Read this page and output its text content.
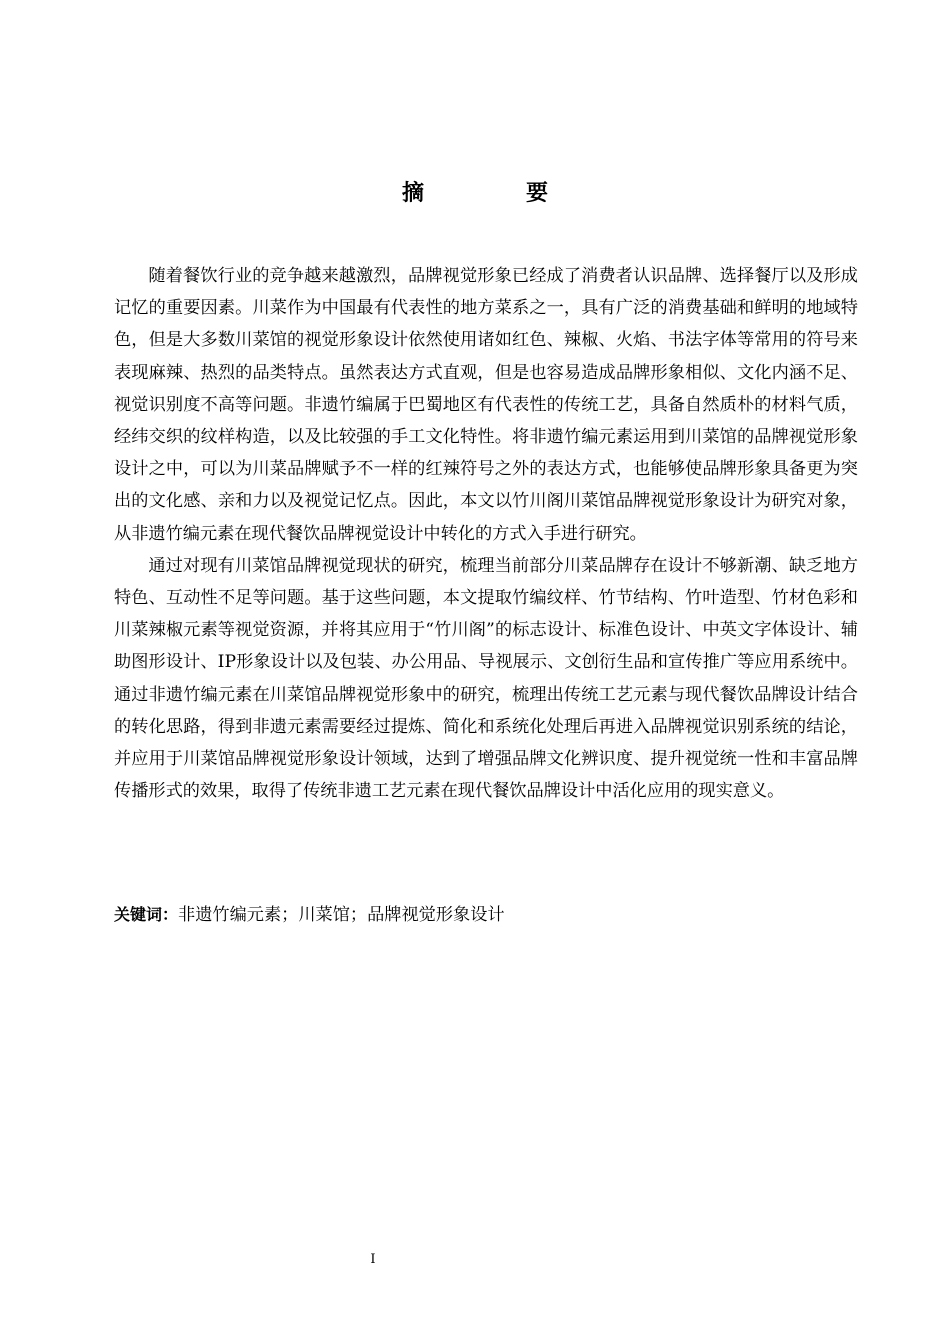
摘　要

随着餐饮行业的竞争越来越激烈，品牌视觉形象已经成了消费者认识品牌、选择餐厅以及形成记忆的重要因素。川菜作为中国最有代表性的地方菜系之一，具有广泛的消费基础和鲜明的地域特色，但是大多数川菜馆的视觉形象设计依然使用诸如红色、辣椒、火焰、书法字体等常用的符号来表现麻辣、热烈的品类特点。虽然表达方式直观，但是也容易造成品牌形象相似、文化内涵不足、视觉识别度不高等问题。非遗竹编属于巴蜀地区有代表性的传统工艺，具备自然质朴的材料气质，经纬交织的纹样构造，以及比较强的手工文化特性。将非遗竹编元素运用到川菜馆的品牌视觉形象设计之中，可以为川菜品牌赋予不一样的红辣符号之外的表达方式，也能够使品牌形象具备更为突出的文化感、亲和力以及视觉记忆点。因此，本文以竹川阁川菜馆品牌视觉形象设计为研究对象，从非遗竹编元素在现代餐饮品牌视觉设计中转化的方式入手进行研究。

通过对现有川菜馆品牌视觉现状的研究，梳理当前部分川菜品牌存在设计不够新潮、缺乏地方特色、互动性不足等问题。基于这些问题，本文提取竹编纹样、竹节结构、竹叶造型、竹材色彩和川菜辣椒元素等视觉资源，并将其应用于“竹川阁”的标志设计、标准色设计、中英文字体设计、辅助图形设计、IP形象设计以及包装、办公用品、导视展示、文创衍生品和宣传推广等应用系统中。通过非遗竹编元素在川菜馆品牌视觉形象中的研究，梳理出传统工艺元素与现代餐饮品牌设计结合的转化思路，得到非遗元素需要经过提炼、简化和系统化处理后再进入品牌视觉识别系统的结论，并应用于川菜馆品牌视觉形象设计领域，达到了增强品牌文化辨识度、提升视觉统一性和丰富品牌传播形式的效果，取得了传统非遗工艺元素在现代餐饮品牌设计中活化应用的现实意义。

关键词：非遗竹编元素；川菜馆；品牌视觉形象设计
I
